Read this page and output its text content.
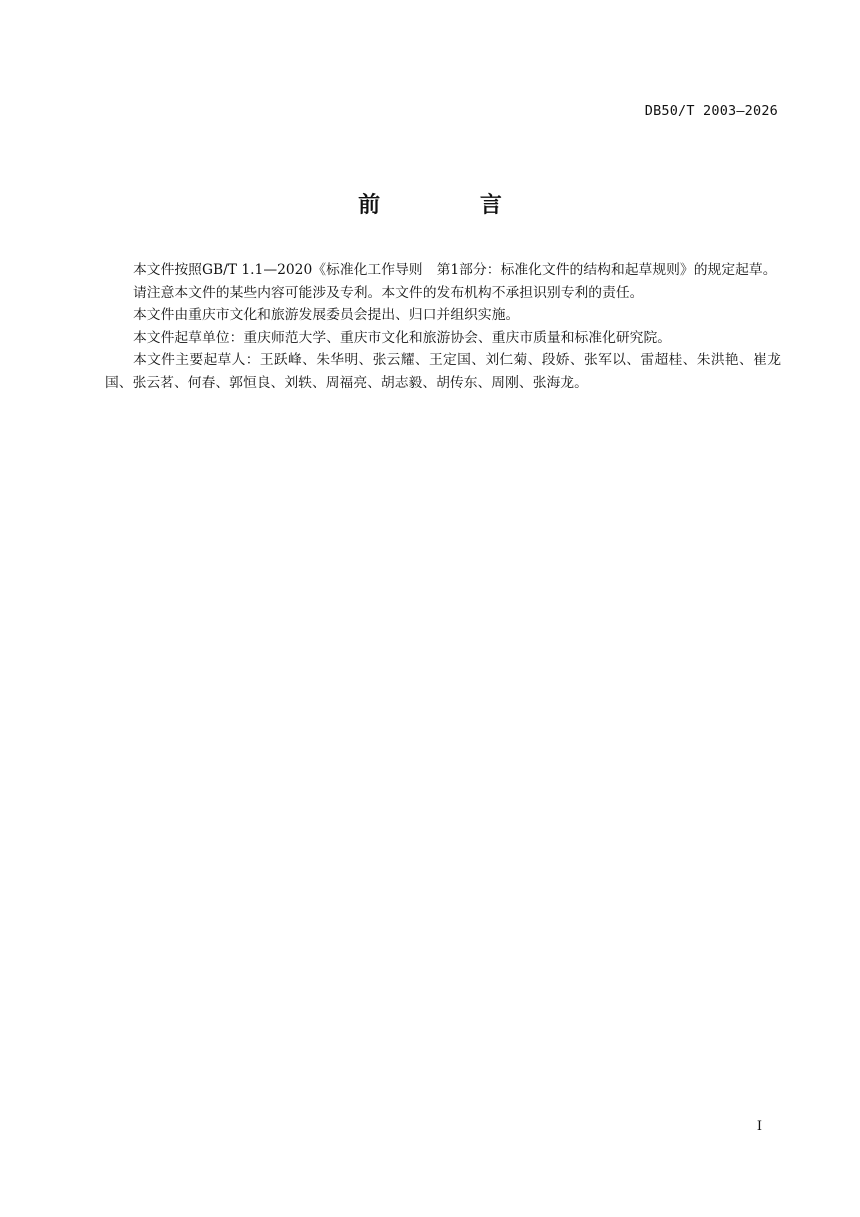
DB50/T 2003—2026
前 言

本文件按照GB/T 1.1—2020《标准化工作导则 第1部分：标准化文件的结构和起草规则》的规定起草。

请注意本文件的某些内容可能涉及专利。本文件的发布机构不承担识别专利的责任。

本文件由重庆市文化和旅游发展委员会提出、归口并组织实施。

本文件起草单位：重庆师范大学、重庆市文化和旅游协会、重庆市质量和标准化研究院。

本文件主要起草人：王跃峰、朱华明、张云耀、王定国、刘仁菊、段娇、张军以、雷超桂、朱洪艳、崔龙国、张云茗、何春、郭恒良、刘轶、周福亮、胡志毅、胡传东、周刚、张海龙。

I
